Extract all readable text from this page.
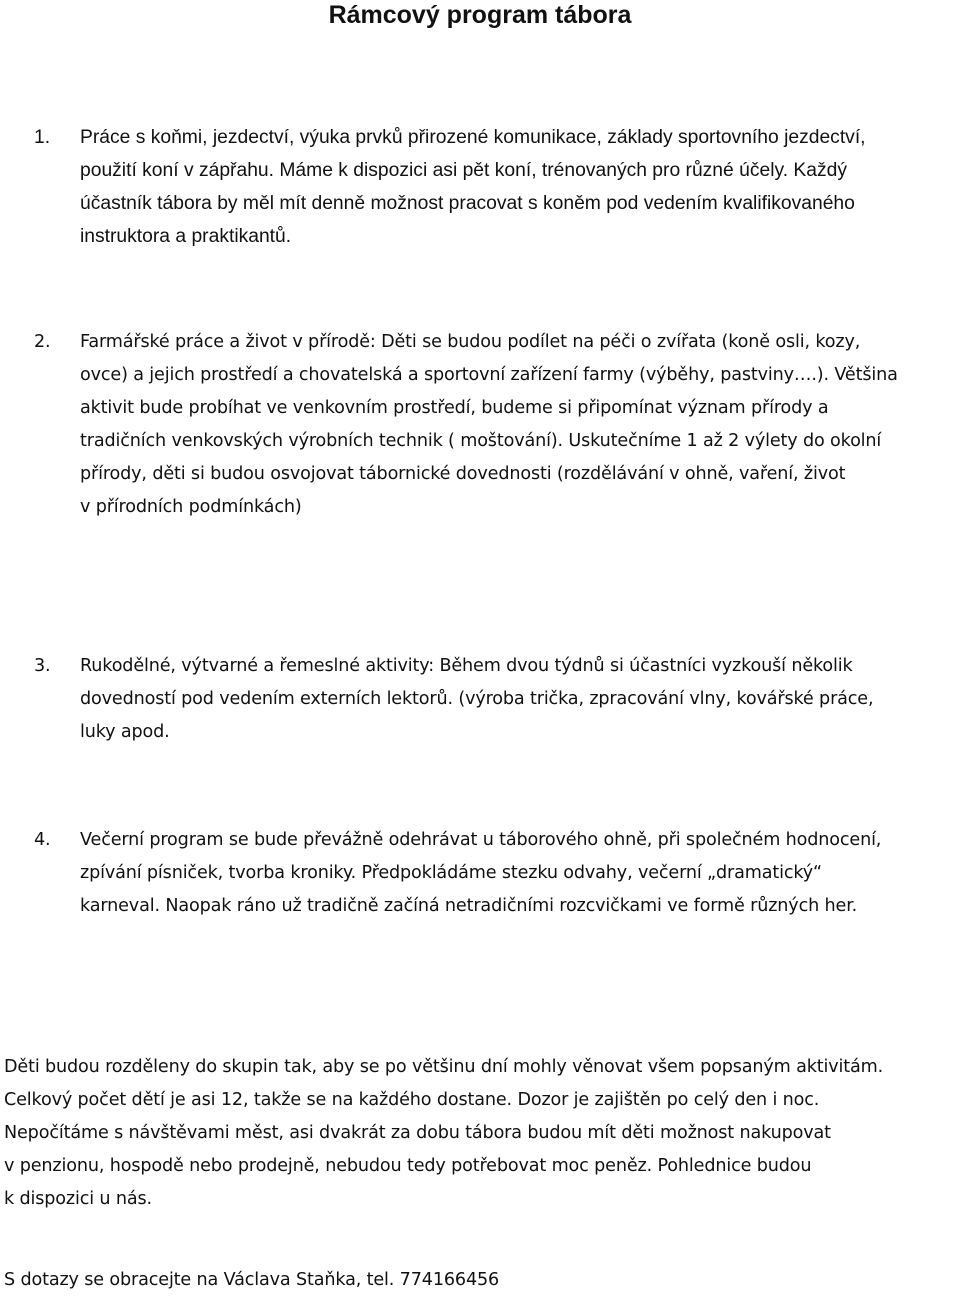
Rámcový program tábora
1. Práce s koňmi, jezdectví, výuka prvků přirozené komunikace, základy sportovního jezdectví,
použití koní v zápřahu. Máme k dispozici asi pět koní, trénovaných pro různé účely. Každý
účastník tábora by měl mít denně možnost pracovat s koněm pod vedením kvalifikovaného
instruktora a praktikantů.
2. Farmářské práce a život v přírodě: Děti se budou podílet na péči o zvířata (koně osli, kozy,
ovce) a jejich prostředí a chovatelská a sportovní zařízení farmy (výběhy, pastviny….). Většina
aktivit bude probíhat ve venkovním prostředí, budeme si připomínat význam přírody a
tradičních venkovských výrobních technik ( moštování). Uskutečníme 1 až 2 výlety do okolní
přírody, děti si budou osvojovat tábornické dovednosti (rozdělávání v ohně, vaření, život
v přírodních podmínkách)
3. Rukodělné, výtvarné a řemeslné aktivity: Během dvou týdnů si účastníci vyzkouší několik
dovedností pod vedením externích lektorů. (výroba trička, zpracování vlny, kovářské práce,
luky apod.
4. Večerní program se bude převážně odehrávat u táborového ohně, při společném hodnocení,
zpívání písniček, tvorba kroniky. Předpokládáme stezku odvahy, večerní „dramatický“
karneval. Naopak ráno už tradičně začíná netradičními rozcvičkami ve formě různých her.
Děti budou rozděleny do skupin tak, aby se po většinu dní mohly věnovat všem popsaným aktivitám.
Celkový počet dětí je asi 12, takže se na každého dostane. Dozor je zajištěn po celý den i noc.
Nepočítáme s návštěvami měst, asi dvakrát za dobu tábora budou mít děti možnost nakupovat
v penzionu, hospodě nebo prodejně, nebudou tedy potřebovat moc peněz. Pohlednice budou
k dispozici u nás.
S dotazy se obracejte na Václava Staňka, tel. 774166456
